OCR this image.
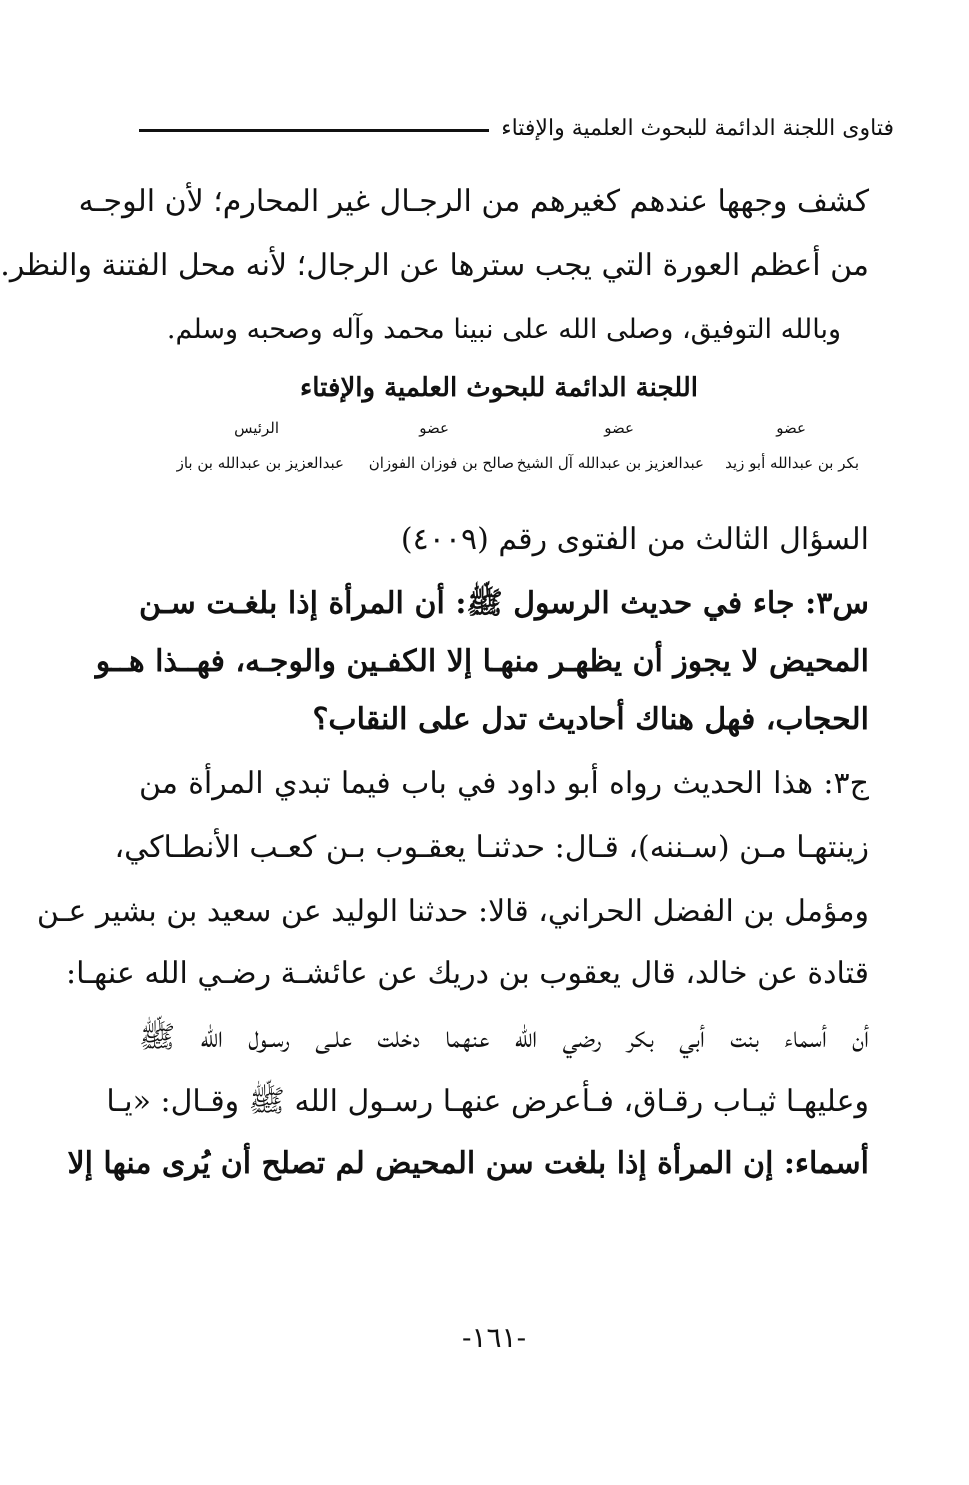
فتاوى اللجنة الدائمة للبحوث العلمية والإفتاء
كشف وجهها عندهم كغيرهم من الرجـال غير المحارم؛ لأن الوجـه
من أعظم العورة التي يجب سترها عن الرجال؛ لأنه محل الفتنة والنظر.
وبالله التوفيق، وصلى الله على نبينا محمد وآله وصحبه وسلم.
اللجنة الدائمة للبحوث العلمية والإفتاء
عضو
عضو
عضو
الرئيس
بكر بن عبدالله أبو زيد
عبدالعزيز بن عبدالله آل الشيخ
صالح بن فوزان الفوزان
عبدالعزيز بن عبدالله بن باز
السؤال الثالث من الفتوى رقم (٤٠٠٩)
س٣: جاء في حديث الرسول ﷺ: أن المرأة إذا بلغـت سـن
المحيض لا يجوز أن يظهـر منهـا إلا الكفـين والوجـه، فهــذا هــو
الحجاب، فهل هناك أحاديث تدل على النقاب؟
ج٣: هذا الحديث رواه أبو داود في باب فيما تبدي المرأة من
زينتهـا مـن (سـننه)، قـال: حدثنـا يعقـوب بـن كعـب الأنطـاكي،
ومؤمل بن الفضل الحراني، قالا: حدثنا الوليد عن سعيد بن بشير عـن
قتادة عن خالد، قال يعقوب بن دريك عن عائشـة رضـي الله عنهـا:
أن أسماء بنت أبي بكر رضي الله عنهما دخلت علـى رسـول الله ﷺ
وعليهـا ثيـاب رقـاق، فـأعرض عنهـا رسـول الله ﷺ وقـال: «يـا
أسماء: إن المرأة إذا بلغت سن المحيض لم تصلح أن يُرى منها إلا
-١٦١-
